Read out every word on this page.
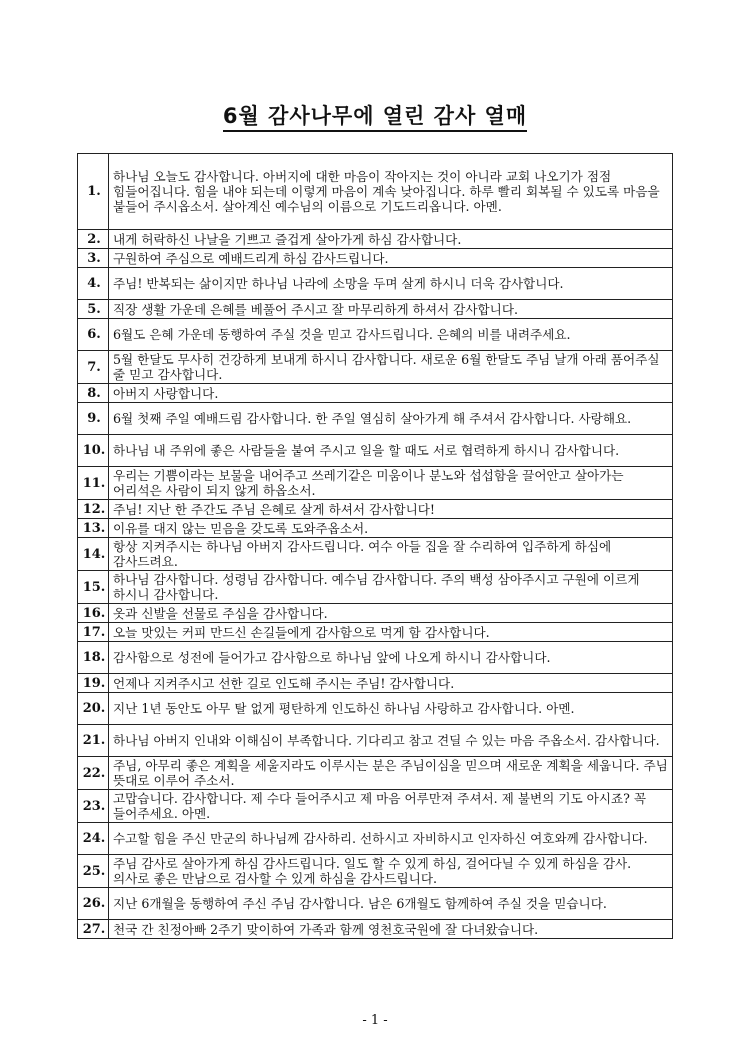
6월 감사나무에 열린 감사 열매
1.	하나님 오늘도 감사합니다. 아버지에 대한 마음이 작아지는 것이 아니라 교회 나오기가 점점 힘들어집니다. 힘을 내야 되는데 이렇게 마음이 계속 낮아집니다. 하루 빨리 회복될 수 있도록 마음을 붙들어 주시옵소서. 살아계신 예수님의 이름으로 기도드리옵니다. 아멘.
2.	내게 허락하신 나날을 기쁘고 즐겁게 살아가게 하심 감사합니다.
3.	구원하여 주심으로 예배드리게 하심 감사드립니다.
4.	주님! 반복되는 삶이지만 하나님 나라에 소망을 두며 살게 하시니 더욱 감사합니다.
5.	직장 생활 가운데 은혜를 베풀어 주시고 잘 마무리하게 하셔서 감사합니다.
6.	6월도 은혜 가운데 동행하여 주실 것을 믿고 감사드립니다. 은혜의 비를 내려주세요.
7.	5월 한달도 무사히 건강하게 보내게 하시니 감사합니다. 새로운 6월 한달도 주님 날개 아래 품어주실 줄 믿고 감사합니다.
8.	아버지 사랑합니다.
9.	6월 첫째 주일 예배드림 감사합니다. 한 주일 열심히 살아가게 해 주셔서 감사합니다. 사랑해요.
10.	하나님 내 주위에 좋은 사람들을 붙여 주시고 일을 할 때도 서로 협력하게 하시니 감사합니다.
11.	우리는 기쁨이라는 보물을 내어주고 쓰레기같은 미움이나 분노와 섭섭함을 끌어안고 살아가는 어리석은 사람이 되지 않게 하옵소서.
12.	주님! 지난 한 주간도 주님 은혜로 살게 하셔서 감사합니다!
13.	이유를 대지 않는 믿음을 갖도록 도와주옵소서.
14.	항상 지켜주시는 하나님 아버지 감사드립니다. 여수 아들 집을 잘 수리하여 입주하게 하심에 감사드려요.
15.	하나님 감사합니다. 성령님 감사합니다. 예수님 감사합니다. 주의 백성 삼아주시고 구원에 이르게 하시니 감사합니다.
16.	옷과 신발을 선물로 주심을 감사합니다.
17.	오늘 맛있는 커피 만드신 손길들에게 감사함으로 먹게 함 감사합니다.
18.	감사함으로 성전에 들어가고 감사함으로 하나님 앞에 나오게 하시니 감사합니다.
19.	언제나 지켜주시고 선한 길로 인도해 주시는 주님! 감사합니다.
20.	지난 1년 동안도 아무 탈 없게 평탄하게 인도하신 하나님 사랑하고 감사합니다. 아멘.
21.	하나님 아버지 인내와 이해심이 부족합니다. 기다리고 참고 견딜 수 있는 마음 주옵소서. 감사합니다.
22.	주님, 아무리 좋은 계획을 세울지라도 이루시는 분은 주님이심을 믿으며 새로운 계획을 세웁니다. 주님 뜻대로 이루어 주소서.
23.	고맙습니다. 감사합니다. 제 수다 들어주시고 제 마음 어루만져 주셔서. 제 불변의 기도 아시죠? 꼭 들어주세요. 아멘.
24.	수고할 힘을 주신 만군의 하나님께 감사하리. 선하시고 자비하시고 인자하신 여호와께 감사합니다.
25.	주님 감사로 살아가게 하심 감사드립니다. 일도 할 수 있게 하심, 걸어다닐 수 있게 하심을 감사. 의사로 좋은 만남으로 검사할 수 있게 하심을 감사드립니다.
26.	지난 6개월을 동행하여 주신 주님 감사합니다. 남은 6개월도 함께하여 주실 것을 믿습니다.
27.	천국 간 친정아빠 2주기 맞이하여 가족과 함께 영천호국원에 잘 다녀왔습니다.
- 1 -
